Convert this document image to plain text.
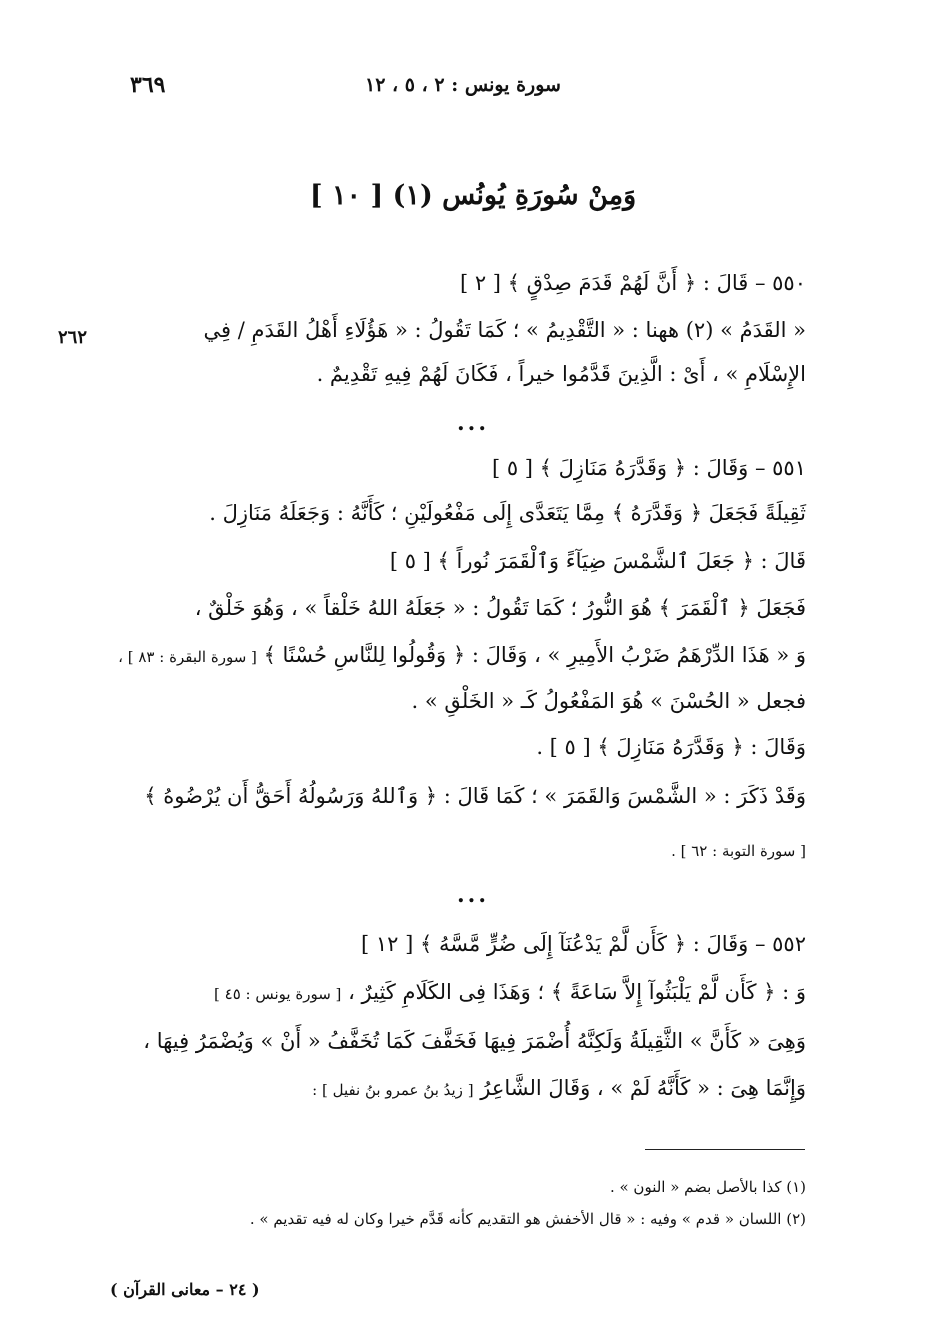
٣٦٩	سورة يونس : ٢ ، ٥ ، ١٢
وَمِنْ سُورَةِ يُونُس (١) [ ١٠ ]
٢٦٢
٥٥٠ – قَالَ : ﴿ أَنَّ لَهُمْ قَدَمَ صِدْقٍ ﴾ [ ٢ ]
« القَدَمُ » (٢) ههنا : « التَّقْدِيمُ » ؛ كَمَا تَقُولُ : « هَؤُلَاءِ أَهْلُ القَدَمِ / فِي
الإِسْلَامِ » ، أَىْ : الَّذِينَ قَدَّمُوا خيراً ، فَكَانَ لَهُمْ فِيهِ تَقْدِيمٌ .
...
٥٥١ – وَقَالَ : ﴿ وَقَدَّرَهُ مَنَازِلَ ﴾ [ ٥ ]
ثَقِيلَةً فَجَعَلَ ﴿ وَقَدَّرَهُ ﴾ مِمَّا يَتَعَدَّى إِلَى مَفْعُولَيْنِ ؛ كَأَنَّهُ : وَجَعَلَهُ مَنَازِلَ .
قَالَ : ﴿ جَعَلَ ٱلشَّمْسَ ضِيَآءً وَٱلْقَمَرَ نُوراً ﴾ [ ٥ ]
فَجَعَلَ ﴿ ٱلْقَمَرَ ﴾ هُوَ النُّورُ ؛ كَمَا تَقُولُ : « جَعَلَهُ اللهُ خَلْقاً » ، وَهُوَ خَلْقٌ ،
وَ « هَذَا الدِّرْهَمُ ضَرْبُ الأَمِيرِ » ، وَقَالَ : ﴿ وَقُولُوا لِلنَّاسِ حُسْنًا ﴾ [ سورة البقرة : ٨٣ ] ،
فجعل « الحُسْنَ » هُوَ المَفْعُولُ كَـ « الخَلْقِ » .
وَقَالَ : ﴿ وَقَدَّرَهُ مَنَازِلَ ﴾ [ ٥ ] .
وَقَدْ ذَكَرَ : « الشَّمْسَ وَالقَمَرَ » ؛ كَمَا قَالَ : ﴿ وَٱللهُ وَرَسُولُهُ أَحَقُّ أَن يُرْضُوهُ ﴾
[ سورة التوبة : ٦٢ ] .
...
٥٥٢ – وَقَالَ : ﴿ كَأَن لَّمْ يَدْعُنَآ إِلَى ضُرٍّ مَّسَّهُ ﴾ [ ١٢ ]
وَ : ﴿ كَأَن لَّمْ يَلْبَثُوآ إِلاَّ سَاعَةً ﴾ ؛ وَهَذَا فِى الكَلَامِ كَثِيرٌ ، [ سورة يونس : ٤٥ ]
وَهِىَ « كَأَنَّ » الثَّقِيلَةُ وَلَكِنَّهُ أُضْمَرَ فِيهَا فَخَفَّفَ كَمَا تُخَفَّفُ « أَنْ » وَيُضْمَرُ فِيهَا ،
وَإِنَّمَا هِىَ : « كَأَنَّهُ لَمْ » ، وَقَالَ الشَّاعِرُ [ زيدُ بنُ عمرو بنُ نفيل ] :
(١) كذا بالأصل بضم « النون » .
(٢) اللسان « قدم » وفيه : « قال الأخفش هو التقديم كأنه قَدَّم خيرا وكان له فيه تقديم » .
( ٢٤ – معانى القرآن )
